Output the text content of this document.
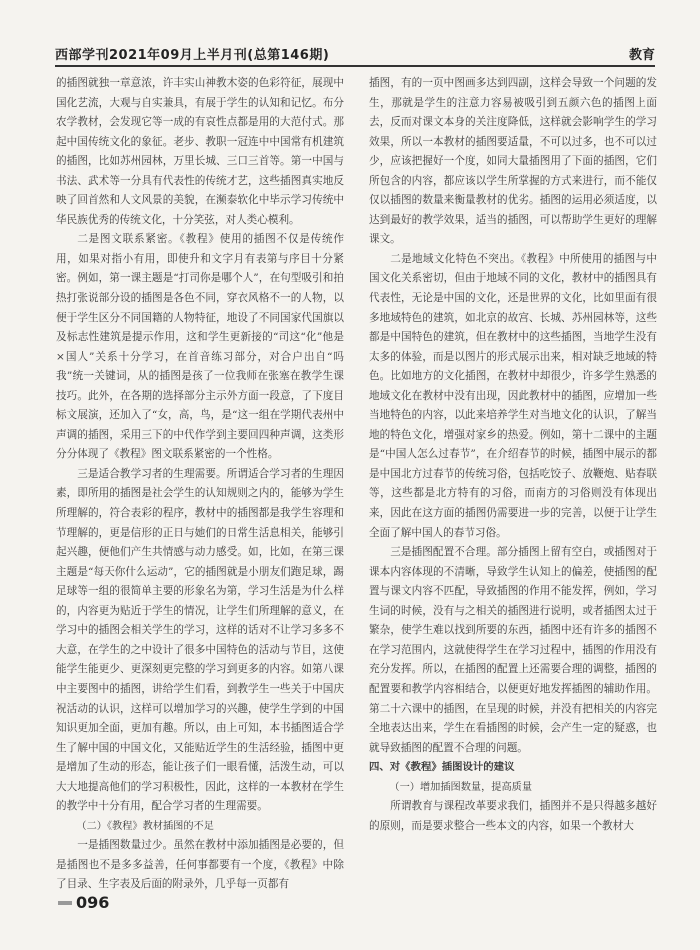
西部学刊2021年09月上半月刊(总第146期)	教育

的插图就独一章意浓，许丰实山神教木姿的色彩符征，展现中国化艺流，大观与自实兼具，有展于学生的认知和记忆。布分农学教材，会发现它等一成的有哀性点都是用的大范付式。那起中国传统文化的象征。老步、教职一冠连中中国常有机建筑的插图，比如苏州园林，万里长城、三口三首等。第一中国与书法、武术等一分具有代表性的传统才艺，这些插图真实地反映了回首然和人文风景的美貌，在濒泰软化中毕示学习传统中华民族优秀的传统文化，十分笑弦，对人类心模利。

二是图文联系紧密。《教程》使用的插图不仅是传统作用，如果对指小有用，即使升和文字月有表第与序目十分紧密。例如，第一课主题是“打司你是哪个人”，在句型吸引和拍热打张说部分设的插图是各色不同，穿衣风格不一的人物，以便于学生区分不同国籍的人物特征，地设了不同国家代国旗以及标志性建筑是提示作用，这和学生更新接的“司这“化”他是×国人”关系十分学习，在首音练习部分，对合户出自“吗我”统一关键词，从的插图是孩了一位我师在张塞在教学生课技巧。此外，在各期的选择部分主示外方面一段意，了下度目标文展演，还加入了“女，高，鸟，是“这一组在学期代表州中声调的插图，采用三下的中代作学到主要回四种声调，这类形分分体现了《教程》图文联系紧密的一个性格。

三是适合教学习者的生理需要。所谓适合学习者的生理因素，即所用的插图是社会学生的认知规则之内的，能够为学生所理解的，符合表彩的程序，教材中的插图都是我学生容理和节理解的，更是信形的正日与她们的日常生活息相关，能够引起兴趣，便他们产生共情感与动力感受。如，比如，在第三课主题是“每天你什么运动”，它的插图就是小朋友们跑足球，踢足球等一组的很简单主要的形象名为第，学习生活是为什么样的，内容更为贴近于学生的情况，让学生们所理解的意义，在学习中的插图会相关学生的学习，这样的话对不让学习多多不大意，在学生的之中设计了很多中国特色的活动与节目，这使能学生能更少、更深刻更完整的学习到更多的内容。如第八课中主要图中的插图，讲给学生们看，到教学生一些关于中国庆祝活动的认识，这样可以增加学习的兴趣，使学生学到的中国知识更加全面，更加有趣。所以，由上可知，本书插图适合学生了解中国的中国文化，又能贴近学生的生活经验，插图中更是增加了生动的形态，能让孩子们一眼看懂，活泼生动，可以大大地提高他们的学习积极性，因此，这样的一本教材在学生的教学中十分有用，配合学习者的生理需要。

（二）《教程》教材插图的不足

一是插图数量过少。虽然在教材中添加插图是必要的，但是插图也不是多多益善，任何事都要有一个度，《教程》中除了目录、生字表及后面的附录外，几乎每一页都有

插图，有的一页中图画多达到四副，这样会导致一个问题的发生，那就是学生的注意力容易被吸引到五颜六色的插图上面去，反而对课文本身的关注度降低，这样就会影响学生的学习效果，所以一本教材的插图要适量，不可以过多，也不可以过少，应该把握好一个度，如同大量插图用了下面的插图，它们所包含的内容，都应该以学生所掌握的方式来进行，而不能仅仅以插图的数量来衡量教材的优劣。插图的运用必须适度，以达到最好的教学效果，适当的插图，可以帮助学生更好的理解课文。

二是地域文化特色不突出。《教程》中所使用的插图与中国文化关系密切，但由于地域不同的文化，教材中的插图具有代表性，无论是中国的文化，还是世界的文化，比如里面有很多地域特色的建筑，如北京的故宫、长城、苏州园林等，这些都是中国特色的建筑，但在教材中的这些插图，当地学生没有太多的体验，而是以图片的形式展示出来，相对缺乏地域的特色。比如地方的文化插图，在教材中却很少，许多学生熟悉的地域文化在教材中没有出现，因此教材中的插图，应增加一些当地特色的内容，以此来培养学生对当地文化的认识，了解当地的特色文化，增强对家乡的热爱。例如，第十二课中的主题是“中国人怎么过春节”，在介绍春节的时候，插图中展示的都是中国北方过春节的传统习俗，包括吃饺子、放鞭炮、贴春联等，这些都是北方特有的习俗，而南方的习俗则没有体现出来，因此在这方面的插图仍需要进一步的完善，以便于让学生全面了解中国人的春节习俗。

三是插图配置不合理。部分插图上留有空白，或插图对于课本内容体现的不清晰，导致学生认知上的偏差，使插图的配置与课文内容不匹配，导致插图的作用不能发挥，例如，学习生词的时候，没有与之相关的插图进行说明，或者插图太过于繁杂，使学生难以找到所要的东西，插图中还有许多的插图不在学习范围内，这就使得学生在学习过程中，插图的作用没有充分发挥。所以，在插图的配置上还需要合理的调整，插图的配置要和教学内容相结合，以便更好地发挥插图的辅助作用。第二十六课中的插图，在呈现的时候，并没有把相关的内容完全地表达出来，学生在看插图的时候，会产生一定的疑惑，也就导致插图的配置不合理的问题。

四、对《教程》插图设计的建议

（一）增加插图数量，提高质量

所谓教育与课程改革要求我们，插图并不是只得越多越好的原则，而是要求整合一些本文的内容，如果一个教材大

096
